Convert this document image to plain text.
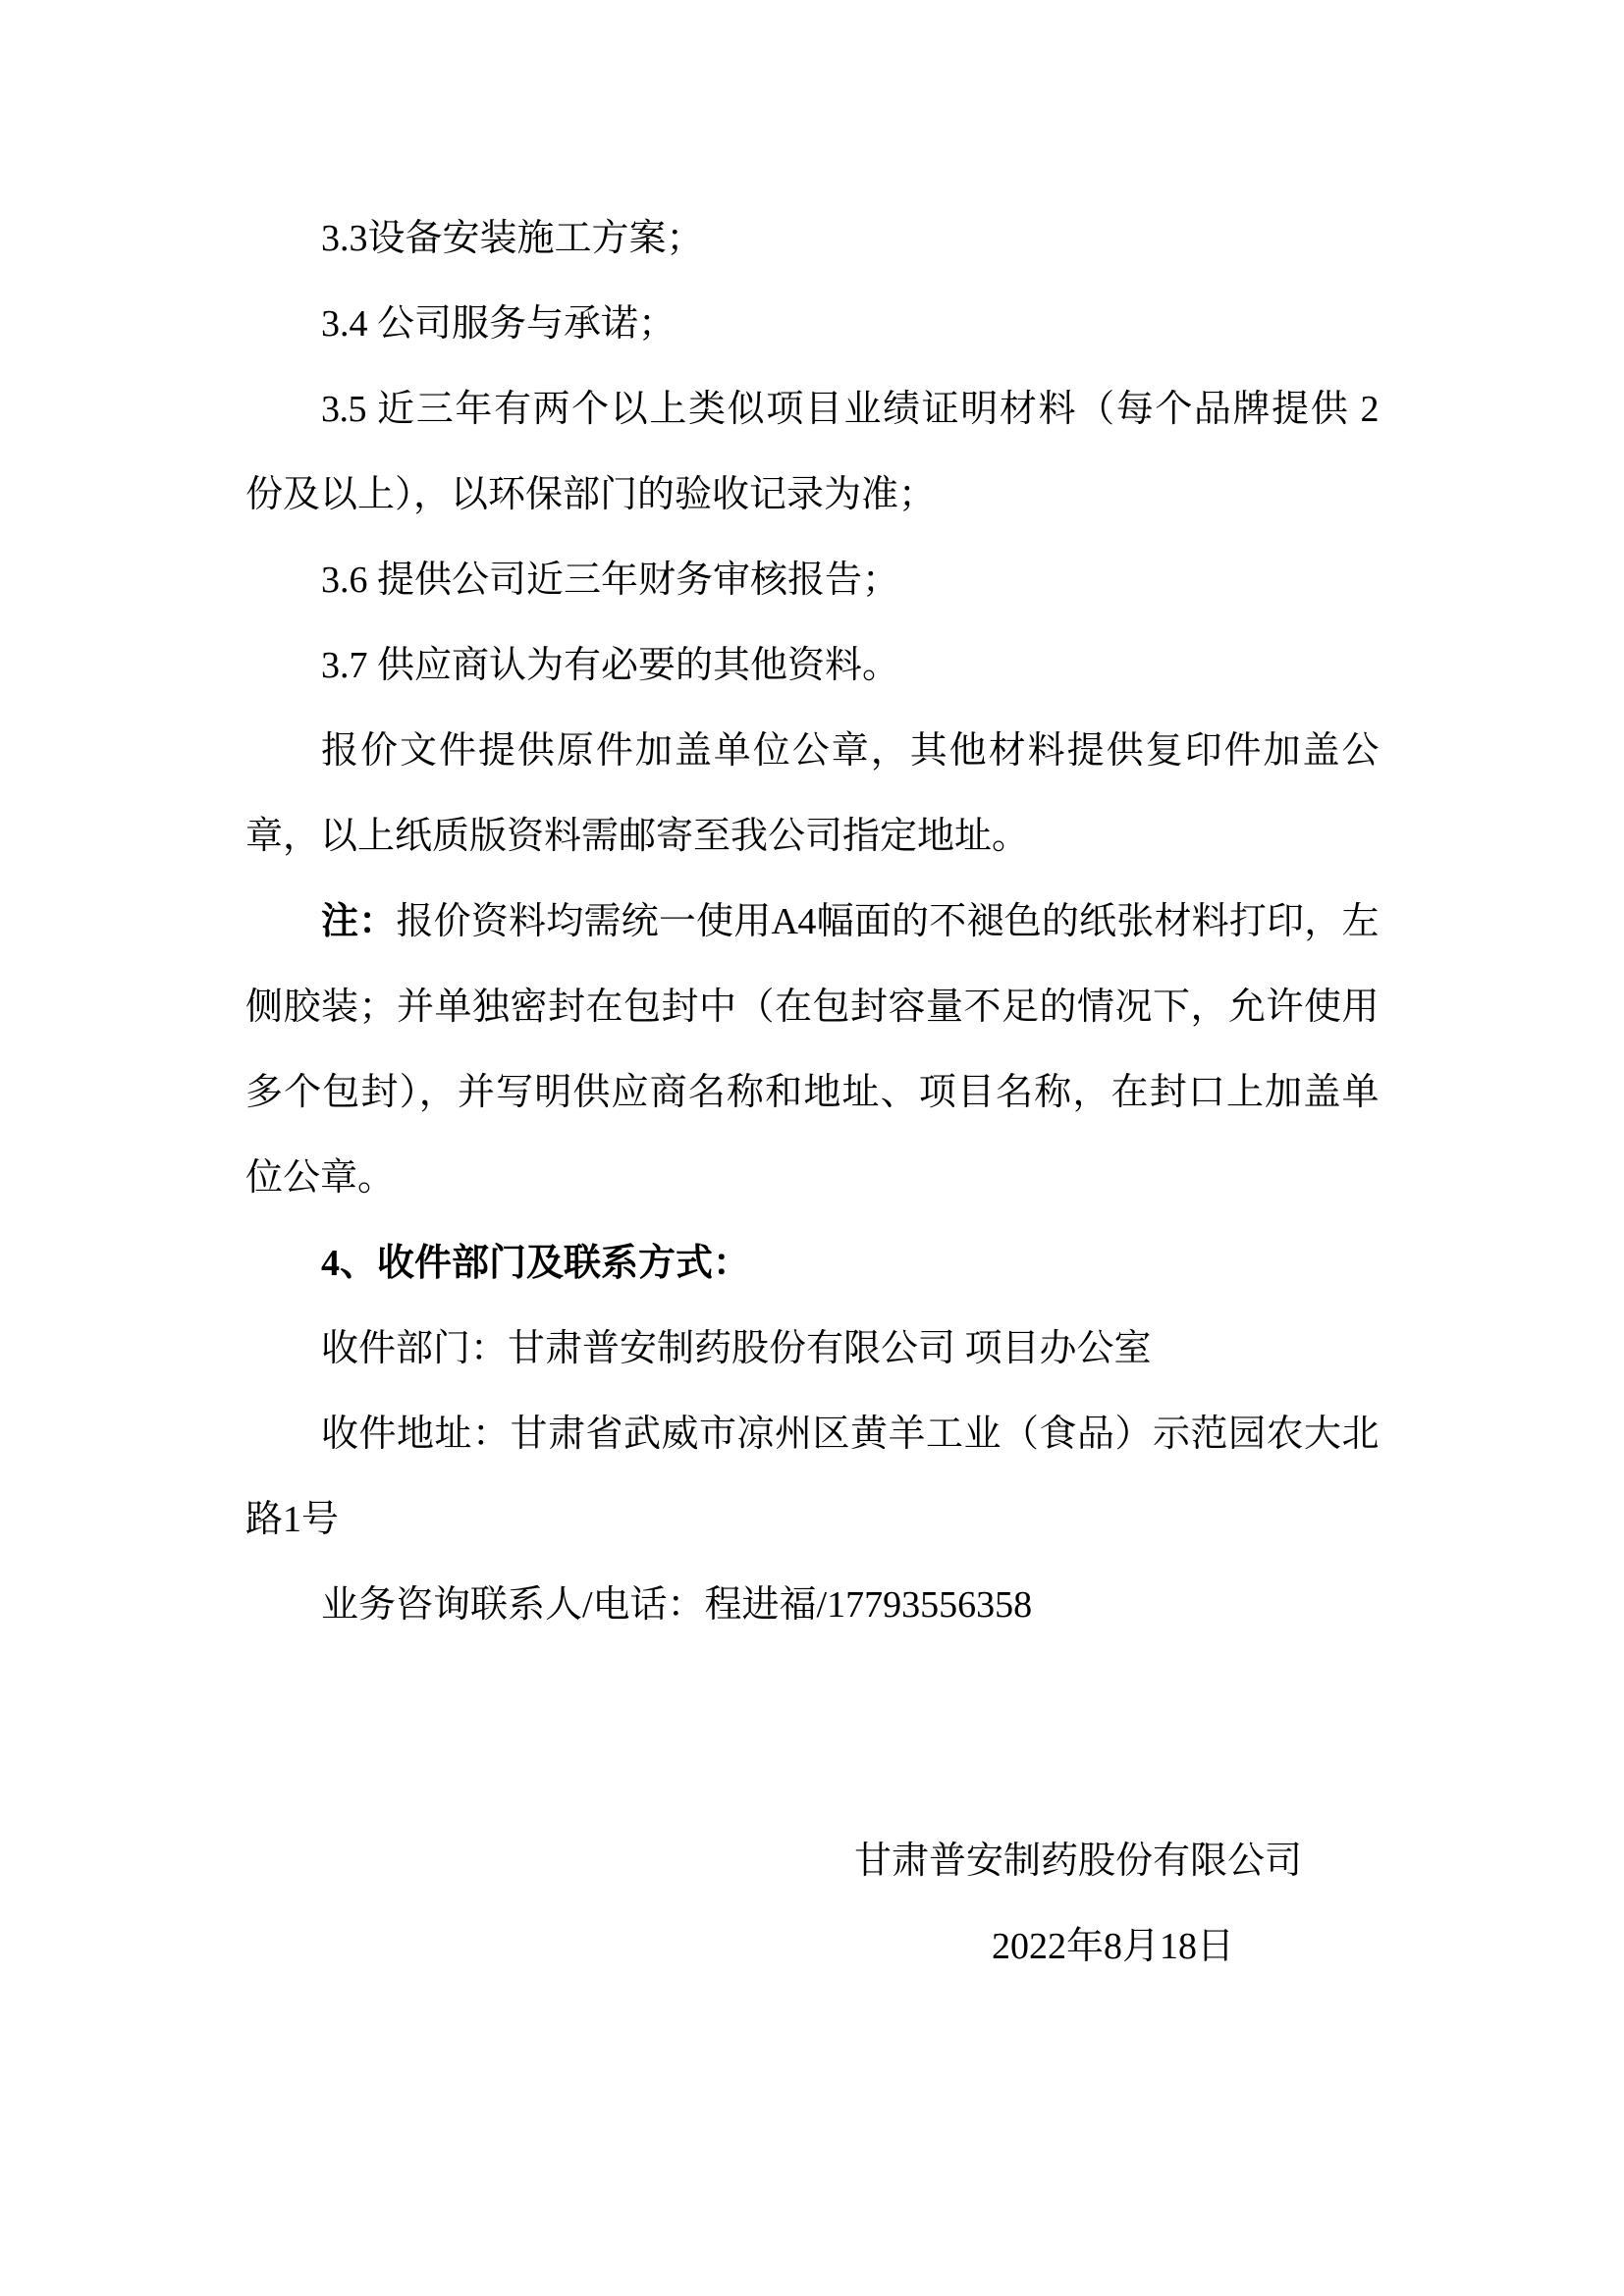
3.3设备安装施工方案；
3.4 公司服务与承诺；
3.5 近三年有两个以上类似项目业绩证明材料（每个品牌提供 2
份及以上），以环保部门的验收记录为准；
3.6 提供公司近三年财务审核报告；
3.7 供应商认为有必要的其他资料。
报价文件提供原件加盖单位公章，其他材料提供复印件加盖公
章，以上纸质版资料需邮寄至我公司指定地址。
注：报价资料均需统一使用A4幅面的不褪色的纸张材料打印，左
侧胶装；并单独密封在包封中（在包封容量不足的情况下，允许使用
多个包封），并写明供应商名称和地址、项目名称，在封口上加盖单
位公章。
4、收件部门及联系方式：
收件部门：甘肃普安制药股份有限公司 项目办公室
收件地址：甘肃省武威市凉州区黄羊工业（食品）示范园农大北
路1号
业务咨询联系人/电话：程进福/17793556358
甘肃普安制药股份有限公司
2022年8月18日
